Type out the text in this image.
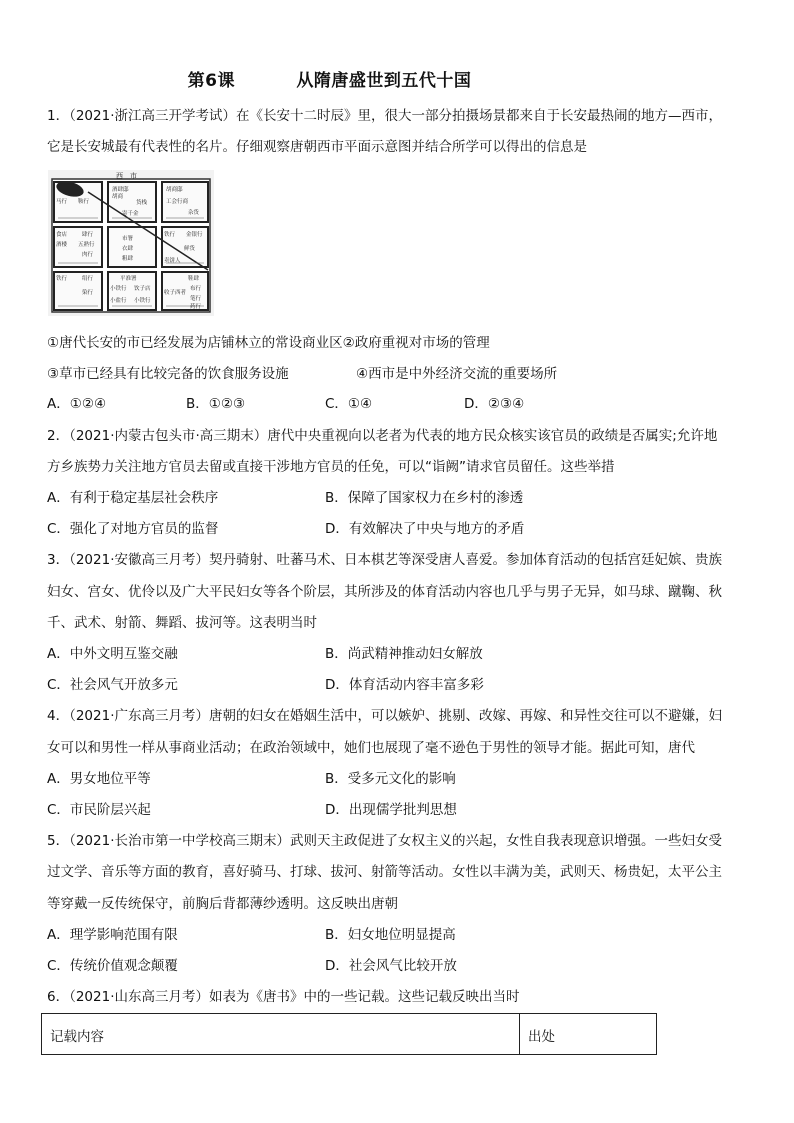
第6课	从隋唐盛世到五代十国
1．（2021·浙江高三开学考试）在《长安十二时辰》里，很大一部分拍摄场景都来自于长安最热闹的地方—西市，
它是长安城最有代表性的名片。仔细观察唐朝西市平面示意图并结合所学可以得出的信息是
西　市
马行 鞍行
酒肆邸
胡商
货栈
寄千金
胡商邸
工会行商
杂货
食店	肆行
酒楼 五熟行
肉行
市署
衣肆
粗肆
铁行 金银行
鲜货
卖饼人
铁行	绢行
染行
平准署
小铁行 饮子店
小盐行 小铁行
鞋肆
收子西者
布行
笔行
药行
①唐代长安的市已经发展为店铺林立的常设商业区②政府重视对市场的管理
③草市已经具有比较完备的饮食服务设施	④西市是中外经济交流的重要场所
A．①②④	B．①②③	C．①④	D．②③④
2．（2021·内蒙古包头市·高三期末）唐代中央重视向以老者为代表的地方民众核实该官员的政绩是否属实;允许地
方乡族势力关注地方官员去留或直接干涉地方官员的任免，可以“诣阙”请求官员留任。这些举措
A．有利于稳定基层社会秩序	B．保障了国家权力在乡村的渗透
C．强化了对地方官员的监督	D．有效解决了中央与地方的矛盾
3．（2021·安徽高三月考）契丹骑射、吐蕃马术、日本棋艺等深受唐人喜爱。参加体育活动的包括宫廷妃嫔、贵族
妇女、宫女、优伶以及广大平民妇女等各个阶层，其所涉及的体育活动内容也几乎与男子无异，如马球、蹴鞠、秋
千、武术、射箭、舞蹈、拔河等。这表明当时
A．中外文明互鉴交融	B．尚武精神推动妇女解放
C．社会风气开放多元	D．体育活动内容丰富多彩
4．（2021·广东高三月考）唐朝的妇女在婚姻生活中，可以嫉妒、挑剔、改嫁、再嫁、和异性交往可以不避嫌，妇
女可以和男性一样从事商业活动；在政治领域中，她们也展现了毫不逊色于男性的领导才能。据此可知，唐代
A．男女地位平等	B．受多元文化的影响
C．市民阶层兴起	D．出现儒学批判思想
5．（2021·长治市第一中学校高三期末）武则天主政促进了女权主义的兴起，女性自我表现意识增强。一些妇女受
过文学、音乐等方面的教育，喜好骑马、打球、拔河、射箭等活动。女性以丰满为美，武则天、杨贵妃，太平公主
等穿戴一反传统保守，前胸后背都薄纱透明。这反映出唐朝
A．理学影响范围有限	B．妇女地位明显提高
C．传统价值观念颠覆	D．社会风气比较开放
6．（2021·山东高三月考）如表为《唐书》中的一些记载。这些记载反映出当时
记载内容	出处
